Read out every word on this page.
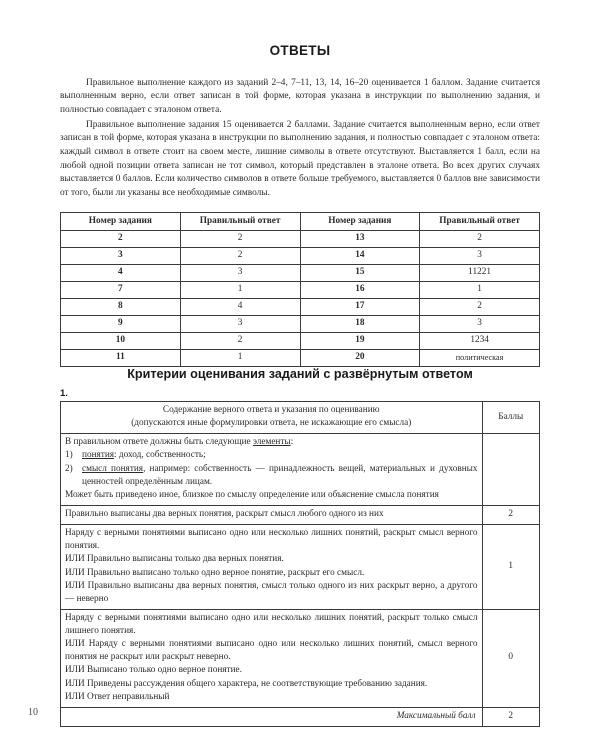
ОТВЕТЫ

Правильное выполнение каждого из заданий 2–4, 7–11, 13, 14, 16–20 оценивается 1 баллом. Задание считается выполненным верно, если ответ записан в той форме, которая указана в инструкции по выполнению задания, и полностью совпадает с эталоном ответа.

Правильное выполнение задания 15 оценивается 2 баллами. Задание считается выполненным верно, если ответ записан в той форме, которая указана в инструкции по выполнению задания, и полностью совпадает с эталоном ответа: каждый символ в ответе стоит на своем месте, лишние символы в ответе отсутствуют. Выставляется 1 балл, если на любой одной позиции ответа записан не тот символ, который представлен в эталоне ответа. Во всех других случаях выставляется 0 баллов. Если количество символов в ответе больше требуемого, выставляется 0 баллов вне зависимости от того, были ли указаны все необходимые символы.

Номер задания	Правильный ответ	Номер задания	Правильный ответ
2	2	13	2
3	2	14	3
4	3	15	11221
7	1	16	1
8	4	17	2
9	3	18	3
10	2	19	1234
11	1	20	политическая
Критерии оценивания заданий с развёрнутым ответом
1.
Содержание верного ответа и указания по оцениванию
(допускаются иные формулировки ответа, не искажающие его смысла)	Баллы

В правильном ответе должны быть следующие элементы:
1) понятия: доход, собственность;
2) смысл понятия, например: собственность — принадлежность вещей, материальных и духовных ценностей определённым лицам.
Может быть приведено иное, близкое по смыслу определение или объяснение смысла понятия

Правильно выписаны два верных понятия, раскрыт смысл любого одного из них	2

Наряду с верными понятиями выписано одно или несколько лишних понятий, раскрыт смысл верного понятия.
ИЛИ Правильно выписаны только два верных понятия.
ИЛИ Правильно выписано только одно верное понятие, раскрыт его смысл.
ИЛИ Правильно выписаны два верных понятия, смысл только одного из них раскрыт верно, а другого — неверно	1

Наряду с верными понятиями выписано одно или несколько лишних понятий, раскрыт только смысл лишнего понятия.
ИЛИ Наряду с верными понятиями выписано одно или несколько лишних понятий, смысл верного понятия не раскрыт или раскрыт неверно.
ИЛИ Выписано только одно верное понятие.
ИЛИ Приведены рассуждения общего характера, не соответствующие требованию задания.
ИЛИ Ответ неправильный	0
Максимальный балл	2
10
